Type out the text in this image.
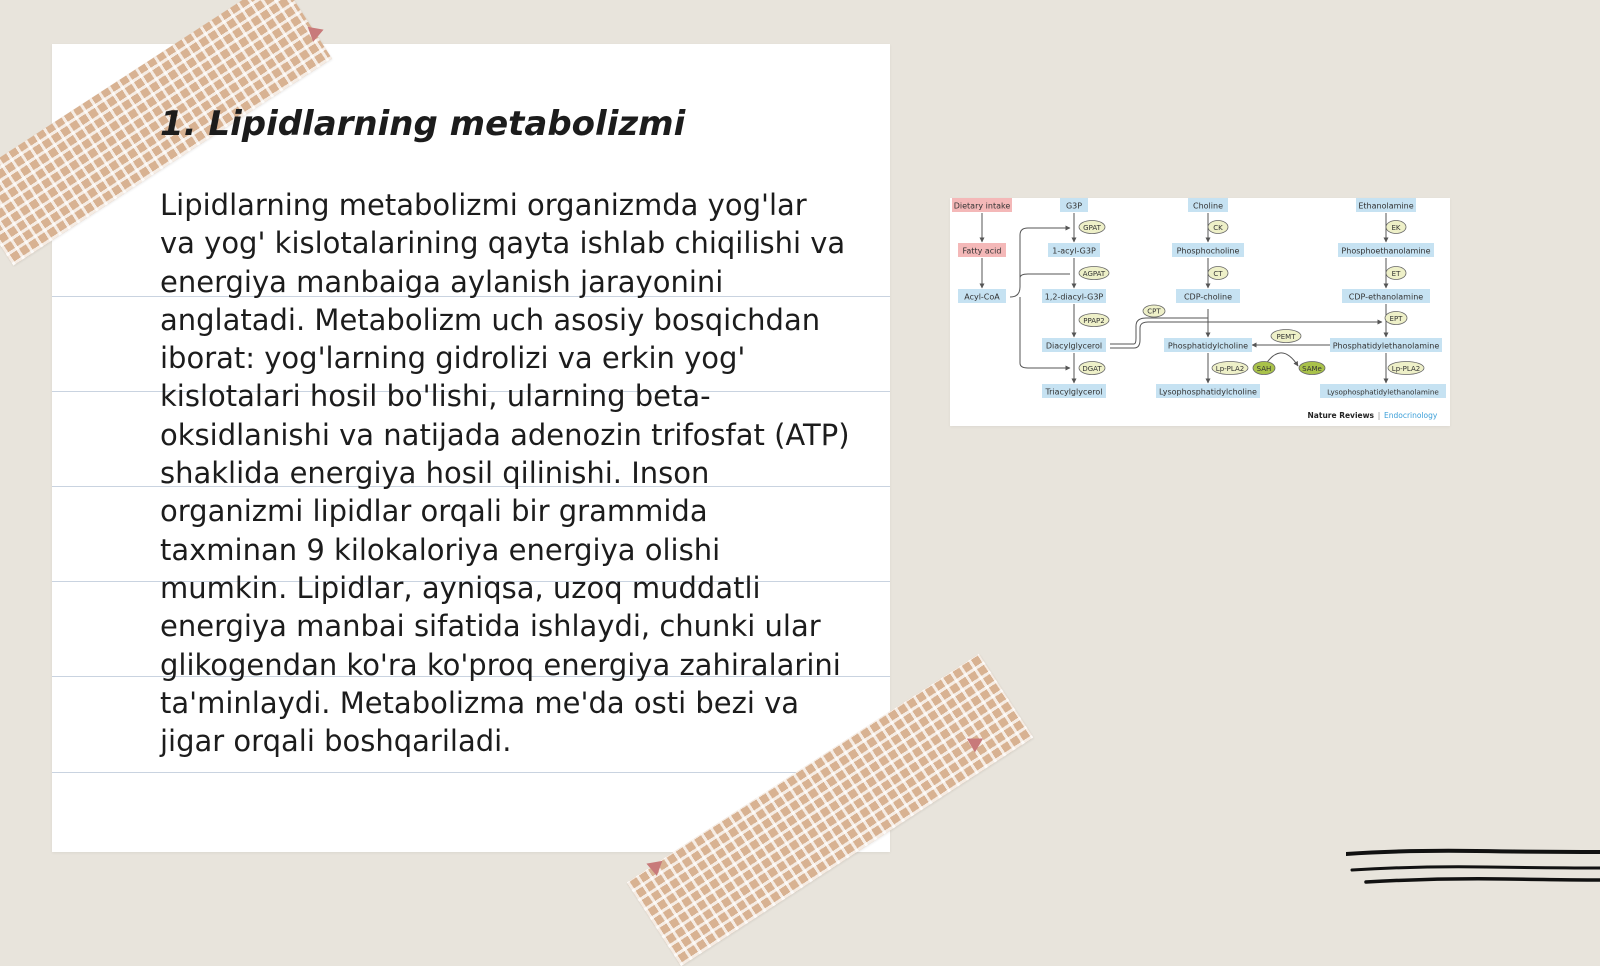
1. Lipidlarning metabolizmi

Lipidlarning metabolizmi organizmda yog'lar va yog' kislotalarining qayta ishlab chiqilishi va energiya manbaiga aylanish jarayonini anglatadi. Metabolizm uch asosiy bosqichdan iborat: yog'larning gidrolizi va erkin yog' kislotalari hosil bo'lishi, ularning beta-oksidlanishi va natijada adenozin trifosfat (ATP) shaklida energiya hosil qilinishi. Inson organizmi lipidlar orqali bir grammida taxminan 9 kilokaloriya energiya olishi mumkin. Lipidlar, ayniqsa, uzoq muddatli energiya manbai sifatida ishlaydi, chunki ular glikogendan ko'ra ko'proq energiya zahiralarini ta'minlaydi. Metabolizma me'da osti bezi va jigar orqali boshqariladi.

Dietary intake
Fatty acid
Acyl-CoA
G3P
1-acyl-G3P
1,2-diacyl-G3P
Diacylglycerol
Triacylglycerol
Choline
Phosphocholine
CDP-choline
Phosphatidylcholine
Lysophosphatidylcholine
Ethanolamine
Phosphoethanolamine
CDP-ethanolamine
Phosphatidylethanolamine
Lysophosphatidylethanolamine
GPAT
AGPAT
PPAP2
DGAT
CK
CT
CPT
Lp-PLA2
EK
ET
EPT
PEMT
Lp-PLA2
SAH	SAMe
Nature Reviews | Endocrinology
